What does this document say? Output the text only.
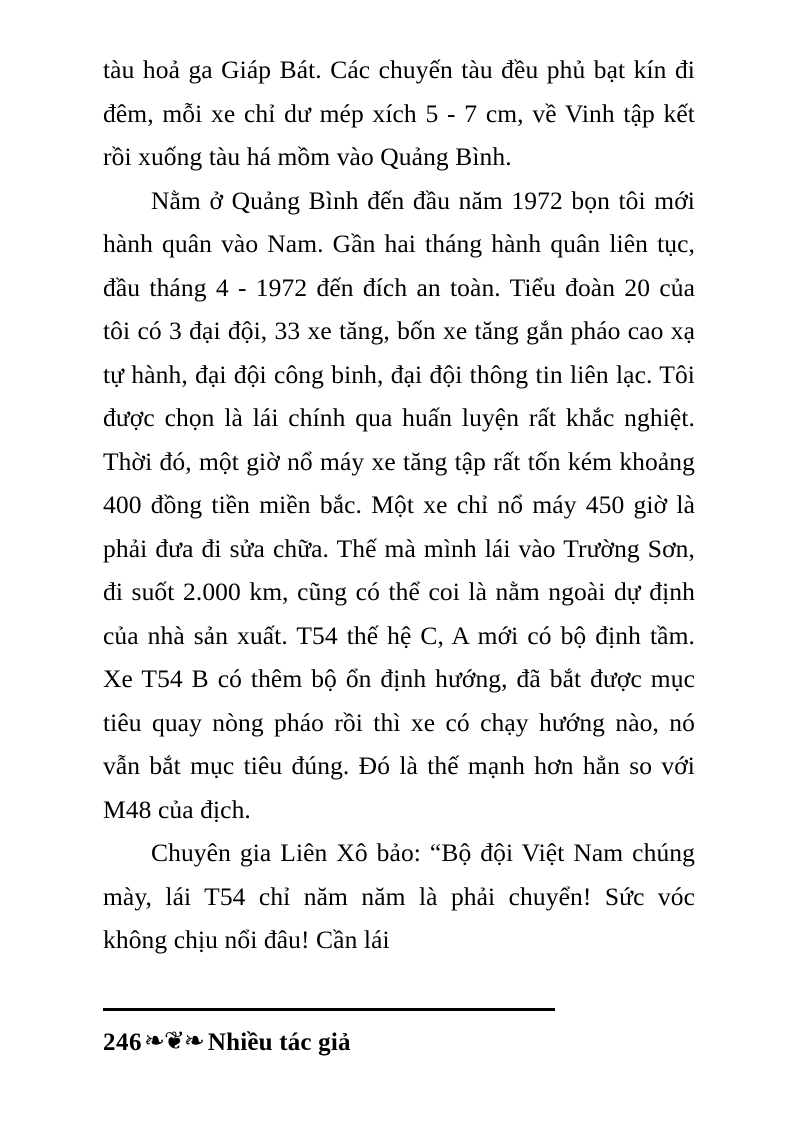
tàu hoả ga Giáp Bát. Các chuyến tàu đều phủ bạt kín đi đêm, mỗi xe chỉ dư mép xích 5 - 7 cm, về Vinh tập kết rồi xuống tàu há mồm vào Quảng Bình.

Nằm ở Quảng Bình đến đầu năm 1972 bọn tôi mới hành quân vào Nam. Gần hai tháng hành quân liên tục, đầu tháng 4 - 1972 đến đích an toàn. Tiểu đoàn 20 của tôi có 3 đại đội, 33 xe tăng, bốn xe tăng gắn pháo cao xạ tự hành, đại đội công binh, đại đội thông tin liên lạc. Tôi được chọn là lái chính qua huấn luyện rất khắc nghiệt. Thời đó, một giờ nổ máy xe tăng tập rất tốn kém khoảng 400 đồng tiền miền bắc. Một xe chỉ nổ máy 450 giờ là phải đưa đi sửa chữa. Thế mà mình lái vào Trường Sơn, đi suốt 2.000 km, cũng có thể coi là nằm ngoài dự định của nhà sản xuất. T54 thế hệ C, A mới có bộ định tầm. Xe T54 B có thêm bộ ổn định hướng, đã bắt được mục tiêu quay nòng pháo rồi thì xe có chạy hướng nào, nó vẫn bắt mục tiêu đúng. Đó là thế mạnh hơn hẳn so với M48 của địch.

Chuyên gia Liên Xô bảo: “Bộ đội Việt Nam chúng mày, lái T54 chỉ năm năm là phải chuyển! Sức vóc không chịu nổi đâu! Cần lái

246 ❧❦❧ Nhiều tác giả
